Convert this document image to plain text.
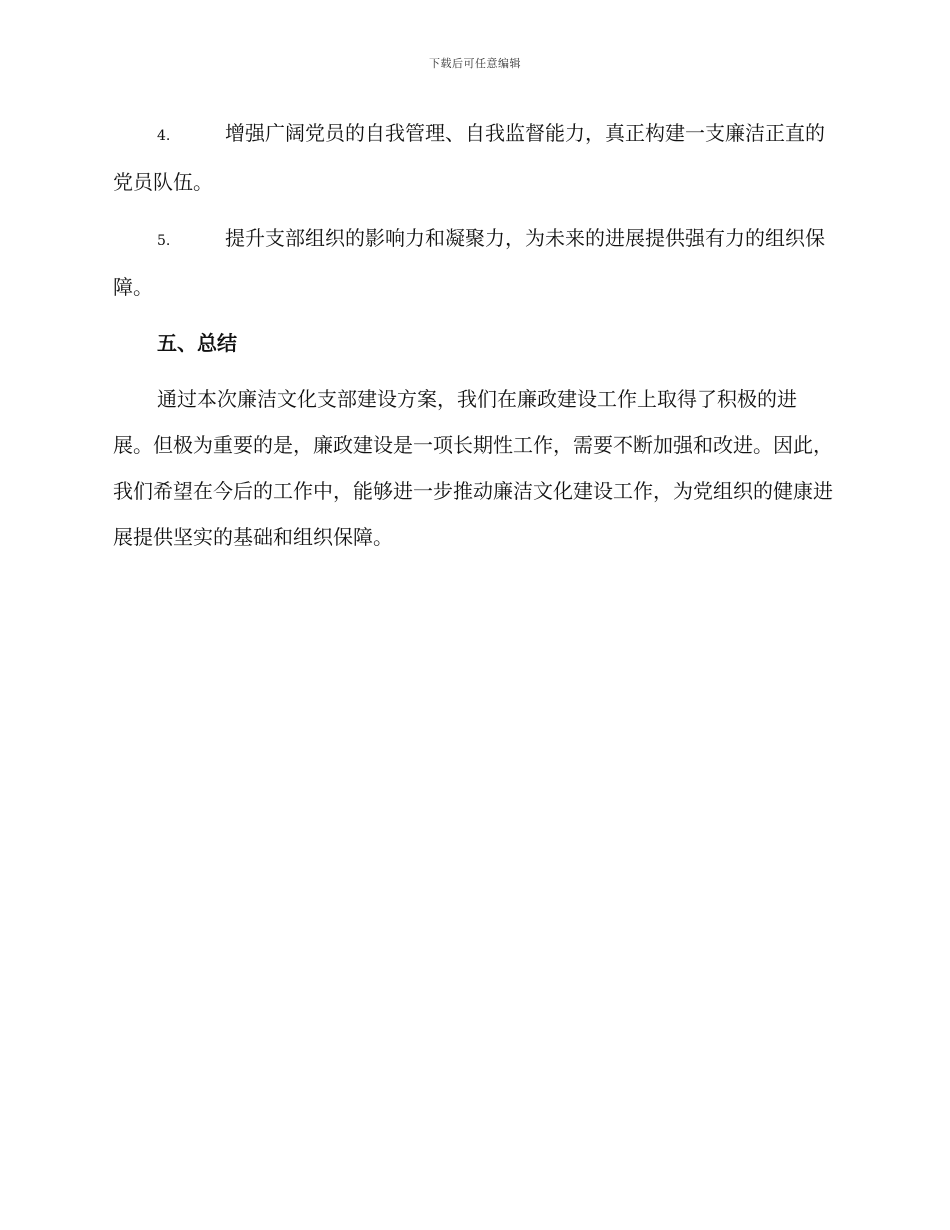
下载后可任意编辑
4.	增强广阔党员的自我管理、自我监督能力，真正构建一支廉洁正直的党员队伍。
5.	提升支部组织的影响力和凝聚力，为未来的进展提供强有力的组织保障。
五、总结

通过本次廉洁文化支部建设方案，我们在廉政建设工作上取得了积极的进展。但极为重要的是，廉政建设是一项长期性工作，需要不断加强和改进。因此，我们希望在今后的工作中，能够进一步推动廉洁文化建设工作，为党组织的健康进展提供坚实的基础和组织保障。
